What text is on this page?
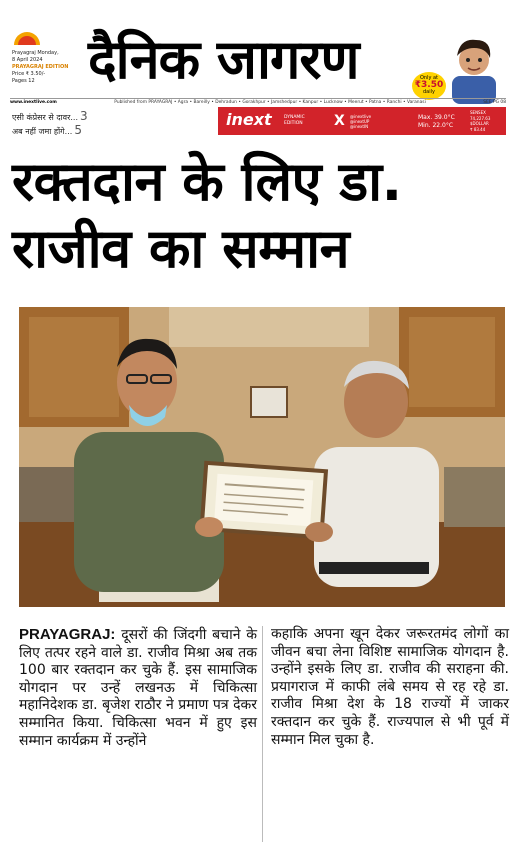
Prayagraj Monday,
8 April 2024
PRAYAGRAJ EDITION
Price ₹ 3.50/-
Pages 12 दैनिक जागरण	Only at
₹3.50
daily
www.inextlive.com	Published from PRAYAGRAJ • Agra • Bareilly • Dehradun • Gorakhpur • Jamshedpur • Kanpur • Lucknow • Meerut • Patna • Ranchi • Varanasi	SEE PG 08
एसी कंप्रेसर से दावर... 3
अब नहीं जमा होंगे... 5
inext	DYNAMIC
EDITION X @inextlive
@inextUP
@inextIN
Max. 39.0°C
Min. 22.0°C
SENSEX
74,227.63
$DOLLAR
₹ 83.44
रक्तदान के लिए डा.
राजीव का सम्मान
PRAYAGRAJ: दूसरों की जिंदगी बचाने के लिए तत्पर रहने वाले डा. राजीव मिश्रा अब तक 100 बार रक्तदान कर चुके हैं. इस सामाजिक योगदान पर उन्हें लखनऊ में चिकित्सा महानिदेशक डा. बृजेश राठौर ने प्रमाण पत्र देकर सम्मानित किया. चिकित्सा भवन में हुए इस सम्मान कार्यक्रम में उन्होंने
कहाकि अपना खून देकर जरूरतमंद लोगों का जीवन बचा लेना विशिष्ट सामाजिक योगदान है. उन्होंने इसके लिए डा. राजीव की सराहना की. प्रयागराज में काफी लंबे समय से रह रहे डा. राजीव मिश्रा देश के 18 राज्यों में जाकर रक्तदान कर चुके हैं. राज्यपाल से भी पूर्व में सम्मान मिल चुका है.
